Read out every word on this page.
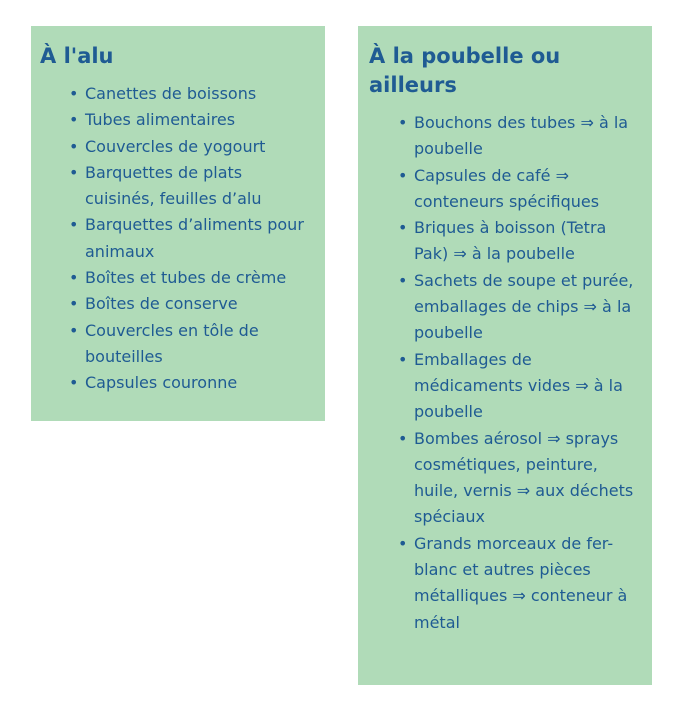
À l'alu
• Canettes de boissons
• Tubes alimentaires
• Couvercles de yogourt
• Barquettes de plats cuisinés, feuilles d’alu
• Barquettes d’aliments pour animaux
• Boîtes et tubes de crème
• Boîtes de conserve
• Couvercles en tôle de bouteilles
• Capsules couronne
À la poubelle ou ailleurs
• Bouchons des tubes ⇒ à la poubelle
• Capsules de café ⇒ conteneurs spécifiques
• Briques à boisson (Tetra Pak) ⇒ à la poubelle
• Sachets de soupe et purée, emballages de chips ⇒ à la poubelle
• Emballages de médicaments vides ⇒ à la poubelle
• Bombes aérosol ⇒ sprays cosmétiques, peinture, huile, vernis ⇒ aux déchets spéciaux
• Grands morceaux de fer-blanc et autres pièces métalliques ⇒ conteneur à métal
